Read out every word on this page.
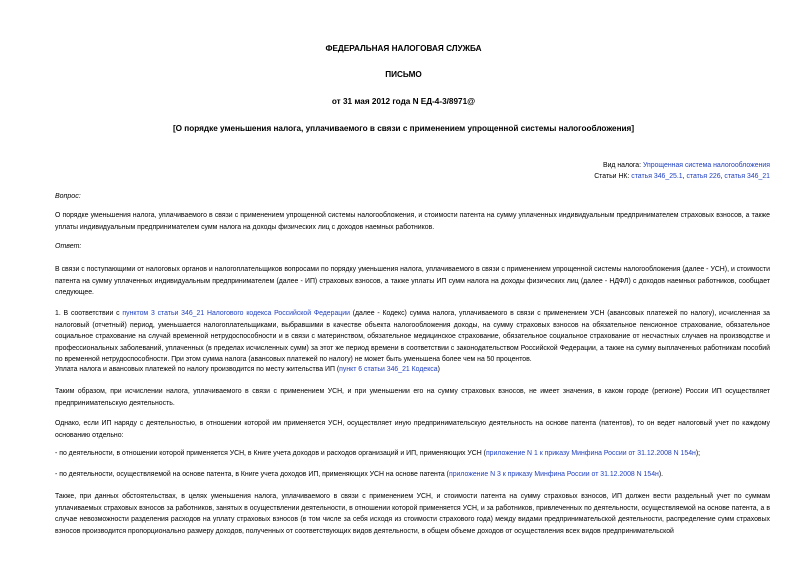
ФЕДЕРАЛЬНАЯ НАЛОГОВАЯ СЛУЖБА
ПИСЬМО
от 31 мая 2012 года N ЕД-4-3/8971@
[О порядке уменьшения налога, уплачиваемого в связи с применением упрощенной системы налогообложения]
Вид налога: Упрощенная система налогообложения
Статьи НК: статья 346_25.1, статья 226, статья 346_21
Вопрос:
О порядке уменьшения налога, уплачиваемого в связи с применением упрощенной системы налогообложения, и стоимости патента на сумму уплаченных индивидуальным предпринимателем страховых взносов, а также уплаты индивидуальным предпринимателем сумм налога на доходы физических лиц с доходов наемных работников.
Ответ:
В связи с поступающими от налоговых органов и налогоплательщиков вопросами по порядку уменьшения налога, уплачиваемого в связи с применением упрощенной системы налогообложения (далее - УСН), и стоимости патента на сумму уплаченных индивидуальным предпринимателем (далее - ИП) страховых взносов, а также уплаты ИП сумм налога на доходы физических лиц (далее - НДФЛ) с доходов наемных работников, сообщает следующее.
1. В соответствии с пунктом 3 статьи 346_21 Налогового кодекса Российской Федерации (далее - Кодекс) сумма налога, уплачиваемого в связи с применением УСН (авансовых платежей по налогу), исчисленная за налоговый (отчетный) период, уменьшается налогоплательщиками, выбравшими в качестве объекта налогообложения доходы, на сумму страховых взносов на обязательное пенсионное страхование, обязательное социальное страхование на случай временной нетрудоспособности и в связи с материнством, обязательное медицинское страхование, обязательное социальное страхование от несчастных случаев на производстве и профессиональных заболеваний, уплаченных (в пределах исчисленных сумм) за этот же период времени в соответствии с законодательством Российской Федерации, а также на сумму выплаченных работникам пособий по временной нетрудоспособности. При этом сумма налога (авансовых платежей по налогу) не может быть уменьшена более чем на 50 процентов.
Уплата налога и авансовых платежей по налогу производится по месту жительства ИП (пункт 6 статьи 346_21 Кодекса)
Таким образом, при исчислении налога, уплачиваемого в связи с применением УСН, и при уменьшении его на сумму страховых взносов, не имеет значения, в каком городе (регионе) России ИП осуществляет предпринимательскую деятельность.
Однако, если ИП наряду с деятельностью, в отношении которой им применяется УСН, осуществляет иную предпринимательскую деятельность на основе патента (патентов), то он ведет налоговый учет по каждому основанию отдельно:
- по деятельности, в отношении которой применяется УСН, в Книге учета доходов и расходов организаций и ИП, применяющих УСН (приложение N 1 к приказу Минфина России от 31.12.2008 N 154н);
- по деятельности, осуществляемой на основе патента, в Книге учета доходов ИП, применяющих УСН на основе патента (приложение N 3 к приказу Минфина России от 31.12.2008 N 154н).
Также, при данных обстоятельствах, в целях уменьшения налога, уплачиваемого в связи с применением УСН, и стоимости патента на сумму страховых взносов, ИП должен вести раздельный учет по суммам уплачиваемых страховых взносов за работников, занятых в осуществлении деятельности, в отношении которой применяется УСН, и за работников, привлеченных по деятельности, осуществляемой на основе патента, а в случае невозможности разделения расходов на уплату страховых взносов (в том числе за себя исходя из стоимости страхового года) между видами предпринимательской деятельности, распределение сумм страховых взносов производится пропорционально размеру доходов, полученных от соответствующих видов деятельности, в общем объеме доходов от осуществления всех видов предпринимательской
